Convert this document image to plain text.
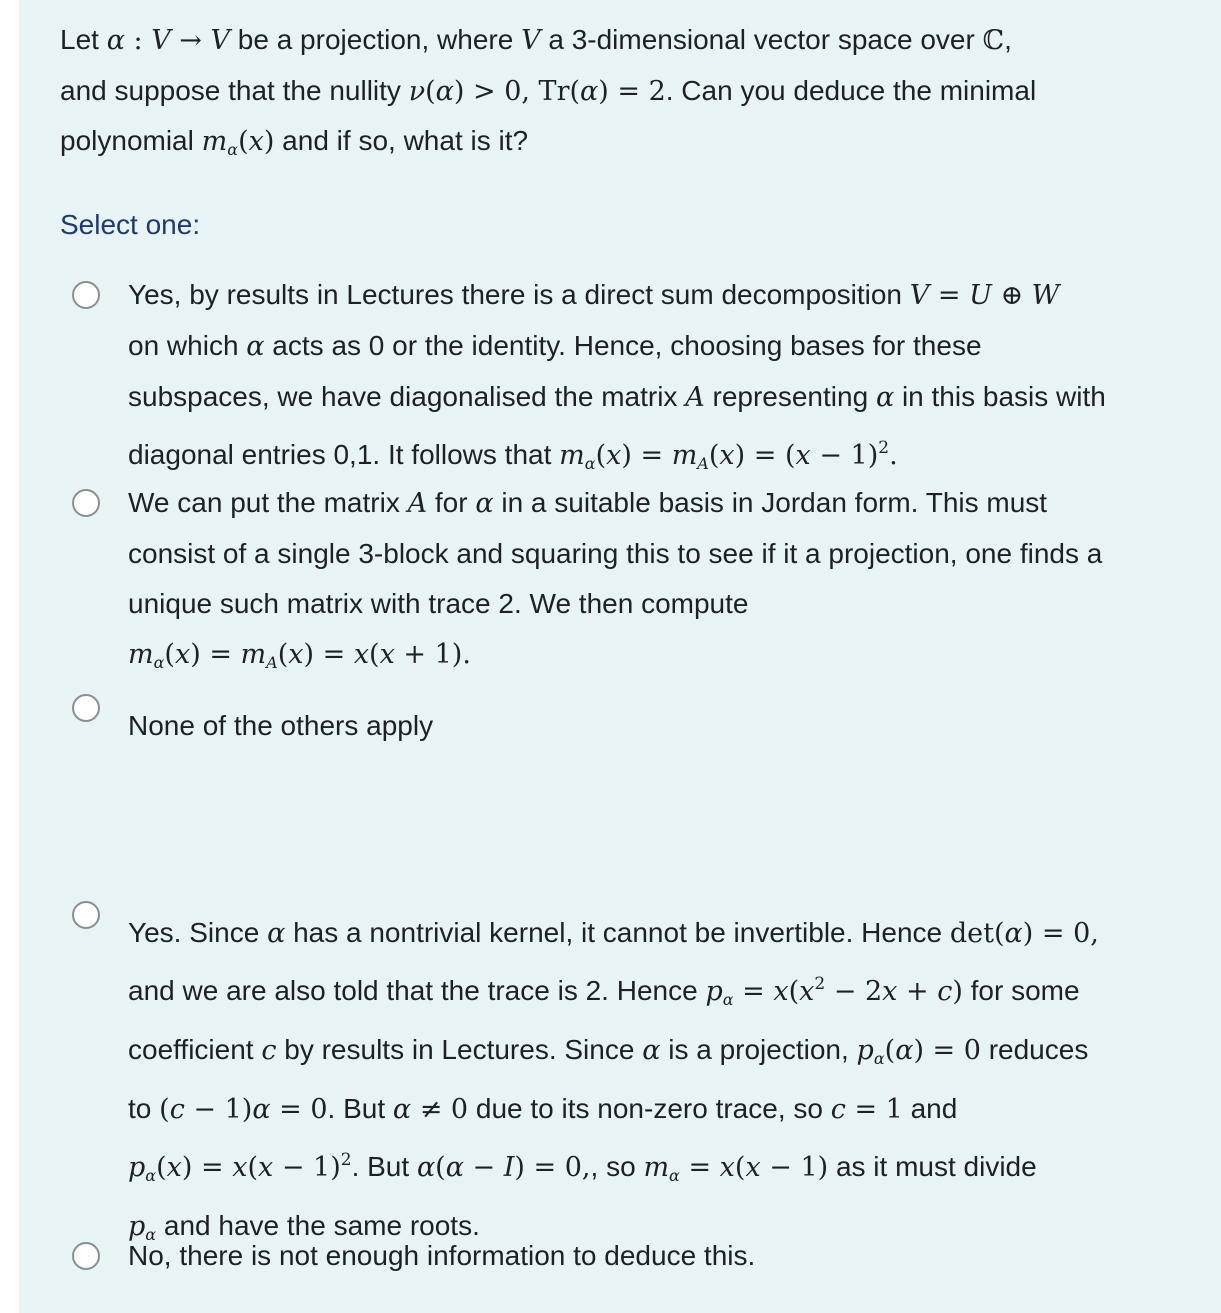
Let α : V → V be a projection, where V a 3-dimensional vector space over ℂ,
and suppose that the nullity ν(α) > 0, Tr(α) = 2. Can you deduce the minimal
polynomial $m_\alpha(x)$ and if so, what is it?
Select one:
Yes, by results in Lectures there is a direct sum decomposition V = U ⊕ W
on which α acts as 0 or the identity. Hence, choosing bases for these
subspaces, we have diagonalised the matrix A representing α in this basis with
diagonal entries 0,1. It follows that $m_\alpha(x) = m_A(x) = (x - 1)^2$.
We can put the matrix A for α in a suitable basis in Jordan form. This must
consist of a single 3-block and squaring this to see if it a projection, one finds a
unique such matrix with trace 2. We then compute
$m_\alpha(x) = m_A(x) = x(x + 1)$.
None of the others apply
Yes. Since α has a nontrivial kernel, it cannot be invertible. Hence det(α) = 0,
and we are also told that the trace is 2. Hence $p_\alpha = x(x^2 - 2x + c)$ for some
coefficient c by results in Lectures. Since α is a projection, $p_\alpha(\alpha) = 0$ reduces
to (c − 1)α = 0. But α ≠ 0 due to its non-zero trace, so c = 1 and
$p_\alpha(x) = x(x - 1)^2$. But α(α − I) = 0,, so $m_\alpha = x(x - 1)$ as it must divide
$p_\alpha$ and have the same roots.
No, there is not enough information to deduce this.
